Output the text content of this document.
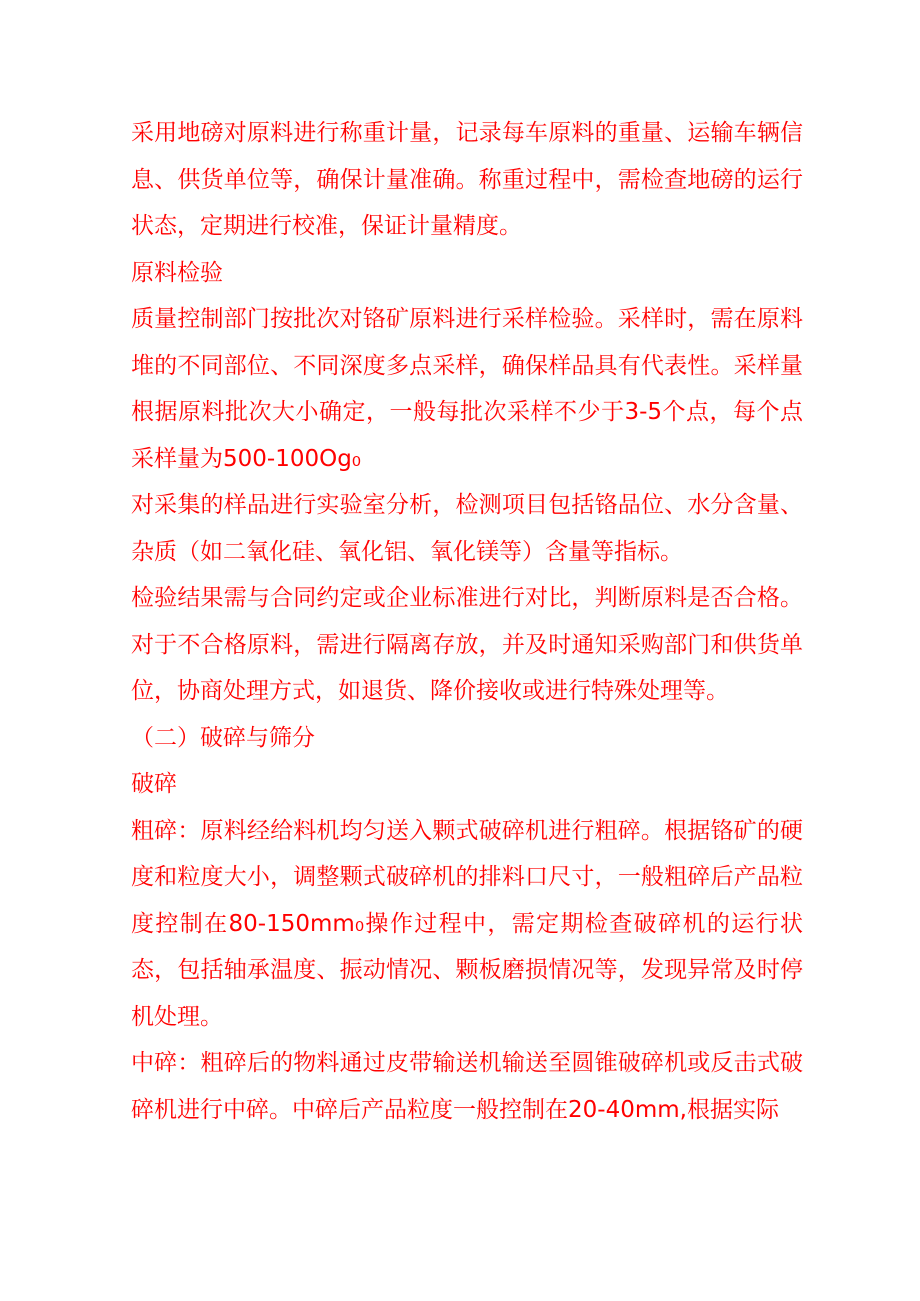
采用地磅对原料进行称重计量，记录每车原料的重量、运输车辆信息、供货单位等，确保计量准确。称重过程中，需检查地磅的运行状态，定期进行校准，保证计量精度。

原料检验

质量控制部门按批次对铬矿原料进行采样检验。采样时，需在原料堆的不同部位、不同深度多点采样，确保样品具有代表性。采样量根据原料批次大小确定，一般每批次采样不少于3-5个点，每个点采样量为500-100Og₀

对采集的样品进行实验室分析，检测项目包括铬品位、水分含量、杂质（如二氧化硅、氧化铝、氧化镁等）含量等指标。

检验结果需与合同约定或企业标准进行对比，判断原料是否合格。对于不合格原料，需进行隔离存放，并及时通知采购部门和供货单位，协商处理方式，如退货、降价接收或进行特殊处理等。

（二）破碎与筛分

破碎

粗碎：原料经给料机均匀送入颗式破碎机进行粗碎。根据铬矿的硬度和粒度大小，调整颗式破碎机的排料口尺寸，一般粗碎后产品粒度控制在80-150mm₀操作过程中，需定期检查破碎机的运行状态，包括轴承温度、振动情况、颗板磨损情况等，发现异常及时停机处理。

中碎：粗碎后的物料通过皮带输送机输送至圆锥破碎机或反击式破碎机进行中碎。中碎后产品粒度一般控制在20-40mm,根据实际
